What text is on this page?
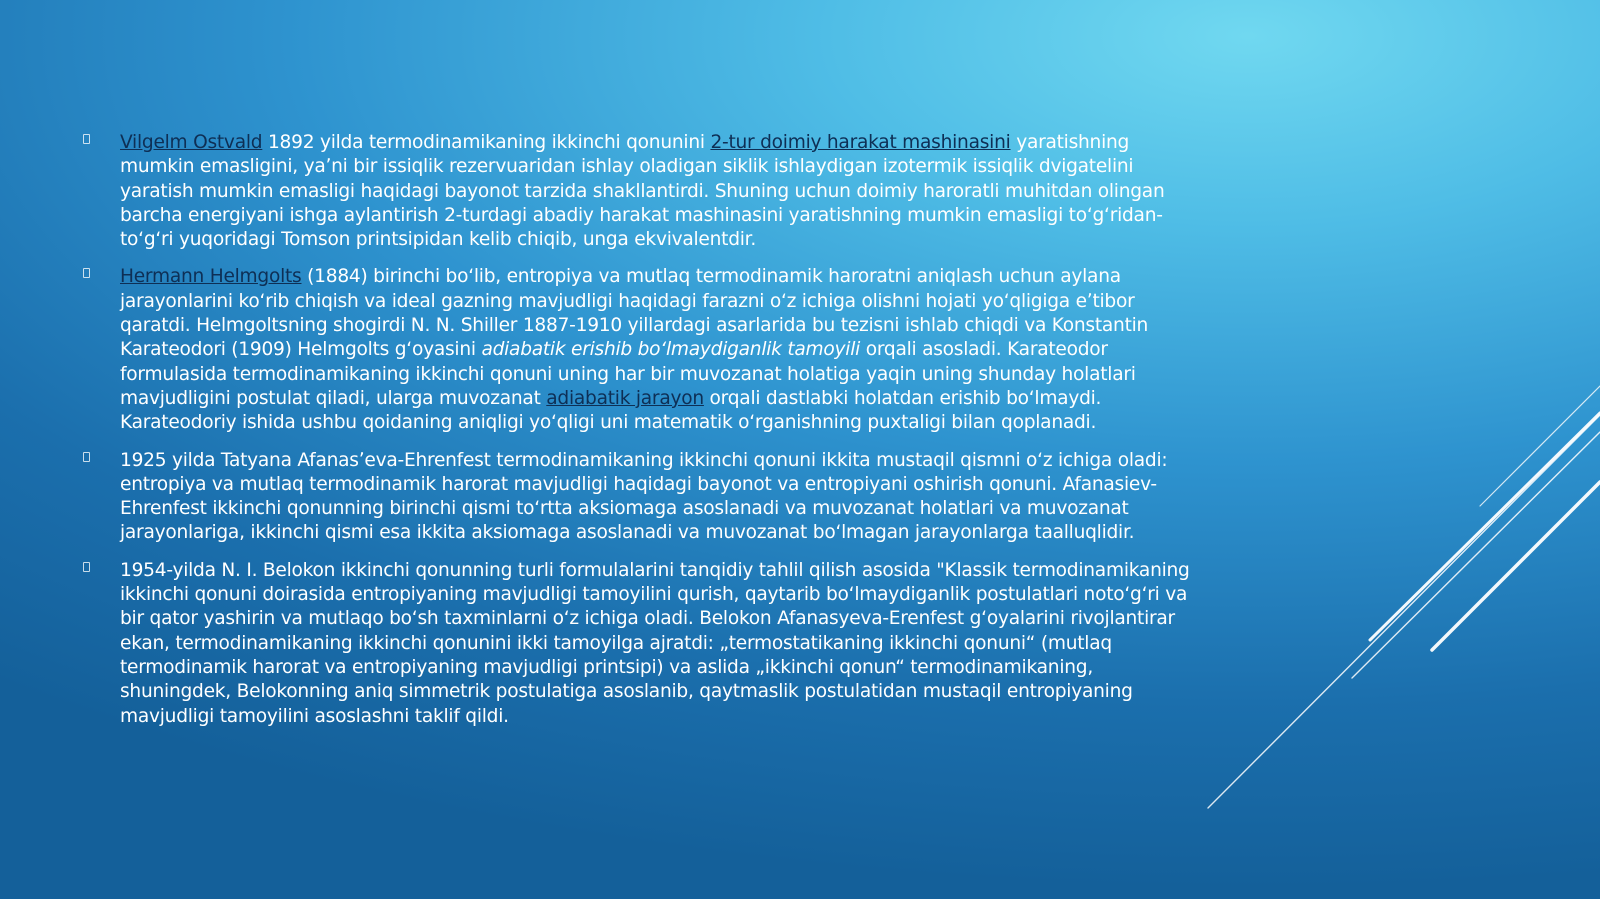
Vilgelm Ostvald 1892 yilda termodinamikaning ikkinchi qonunini 2-tur doimiy harakat mashinasini yaratishning mumkin emasligini, yaʼni bir issiqlik rezervuaridan ishlay oladigan siklik ishlaydigan izotermik issiqlik dvigatelini yaratish mumkin emasligi haqidagi bayonot tarzida shakllantirdi. Shuning uchun doimiy haroratli muhitdan olingan barcha energiyani ishga aylantirish 2-turdagi abadiy harakat mashinasini yaratishning mumkin emasligi toʻgʻridan-toʻgʻri yuqoridagi Tomson printsipidan kelib chiqib, unga ekvivalentdir.
Hermann Helmgolts (1884) birinchi boʻlib, entropiya va mutlaq termodinamik haroratni aniqlash uchun aylana jarayonlarini koʻrib chiqish va ideal gazning mavjudligi haqidagi farazni oʻz ichiga olishni hojati yoʻqligiga eʼtibor qaratdi. Helmgoltsning shogirdi N. N. Shiller 1887-1910 yillardagi asarlarida bu tezisni ishlab chiqdi va Konstantin Karateodori (1909) Helmgolts gʻoyasini adiabatik erishib boʻlmaydiganlik tamoyili orqali asosladi. Karateodor formulasida termodinamikaning ikkinchi qonuni uning har bir muvozanat holatiga yaqin uning shunday holatlari mavjudligini postulat qiladi, ularga muvozanat adiabatik jarayon orqali dastlabki holatdan erishib boʻlmaydi. Karateodoriy ishida ushbu qoidaning aniqligi yoʻqligi uni matematik oʻrganishning puxtaligi bilan qoplanadi.
1925 yilda Tatyana Afanasʼeva-Ehrenfest termodinamikaning ikkinchi qonuni ikkita mustaqil qismni oʻz ichiga oladi: entropiya va mutlaq termodinamik harorat mavjudligi haqidagi bayonot va entropiyani oshirish qonuni. Afanasiev-Ehrenfest ikkinchi qonunning birinchi qismi toʻrtta aksiomaga asoslanadi va muvozanat holatlari va muvozanat jarayonlariga, ikkinchi qismi esa ikkita aksiomaga asoslanadi va muvozanat boʻlmagan jarayonlarga taalluqlidir.
1954-yilda N. I. Belokon ikkinchi qonunning turli formulalarini tanqidiy tahlil qilish asosida "Klassik termodinamikaning ikkinchi qonuni doirasida entropiyaning mavjudligi tamoyilini qurish, qaytarib boʻlmaydiganlik postulatlari notoʻgʻri va bir qator yashirin va mutlaqo boʻsh taxminlarni oʻz ichiga oladi. Belokon Afanasyeva-Erenfest gʻoyalarini rivojlantirar ekan, termodinamikaning ikkinchi qonunini ikki tamoyilga ajratdi: „termostatikaning ikkinchi qonuni“ (mutlaq termodinamik harorat va entropiyaning mavjudligi printsipi) va aslida „ikkinchi qonun“ termodinamikaning, shuningdek, Belokonning aniq simmetrik postulatiga asoslanib, qaytmaslik postulatidan mustaqil entropiyaning mavjudligi tamoyilini asoslashni taklif qildi.
